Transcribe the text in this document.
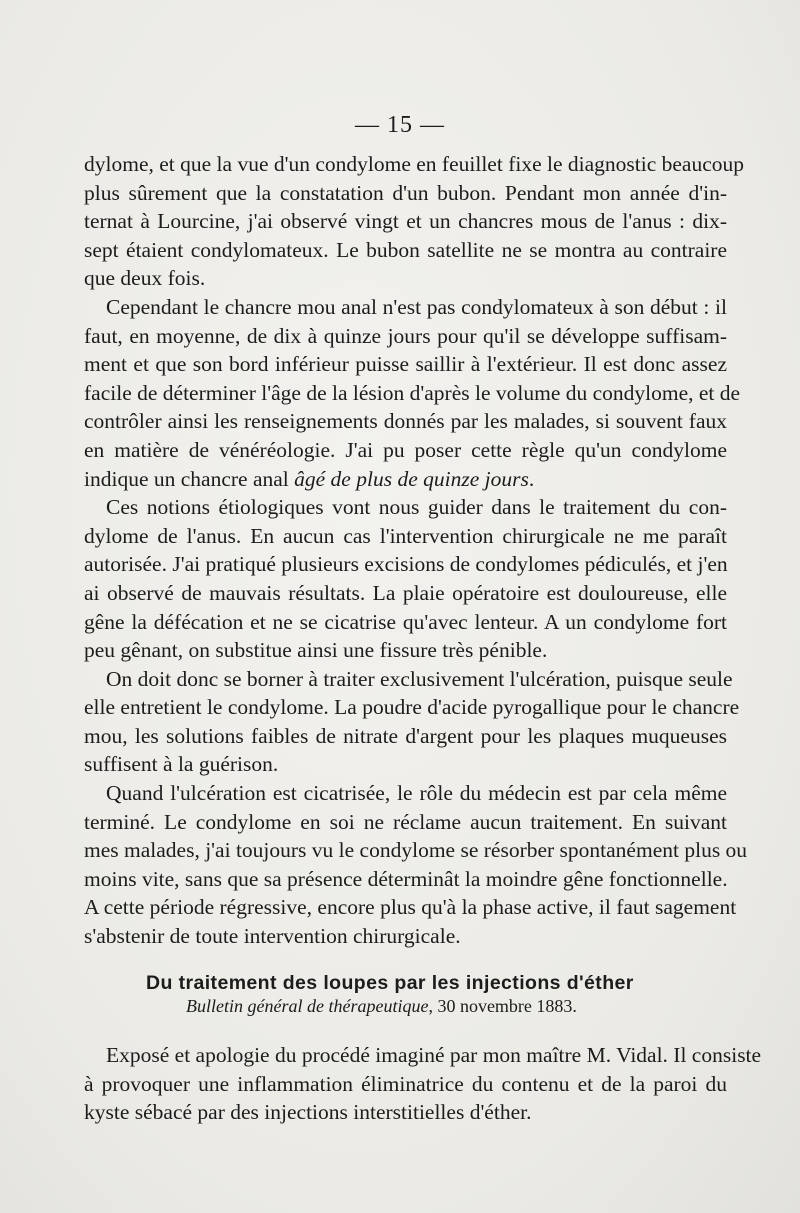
— 15 —

dylome, et que la vue d'un condylome en feuillet fixe le diagnostic beaucoup
plus sûrement que la constatation d'un bubon. Pendant mon année d'in-
ternat à Lourcine, j'ai observé vingt et un chancres mous de l'anus : dix-
sept étaient condylomateux. Le bubon satellite ne se montra au contraire
que deux fois.

Cependant le chancre mou anal n'est pas condylomateux à son début : il
faut, en moyenne, de dix à quinze jours pour qu'il se développe suffisam-
ment et que son bord inférieur puisse saillir à l'extérieur. Il est donc assez
facile de déterminer l'âge de la lésion d'après le volume du condylome, et de
contrôler ainsi les renseignements donnés par les malades, si souvent faux
en matière de vénéréologie. J'ai pu poser cette règle qu'un condylome
indique un chancre anal âgé de plus de quinze jours.

Ces notions étiologiques vont nous guider dans le traitement du con-
dylome de l'anus. En aucun cas l'intervention chirurgicale ne me paraît
autorisée. J'ai pratiqué plusieurs excisions de condylomes pédiculés, et j'en
ai observé de mauvais résultats. La plaie opératoire est douloureuse, elle
gêne la défécation et ne se cicatrise qu'avec lenteur. A un condylome fort
peu gênant, on substitue ainsi une fissure très pénible.

On doit donc se borner à traiter exclusivement l'ulcération, puisque seule
elle entretient le condylome. La poudre d'acide pyrogallique pour le chancre
mou, les solutions faibles de nitrate d'argent pour les plaques muqueuses
suffisent à la guérison.

Quand l'ulcération est cicatrisée, le rôle du médecin est par cela même
terminé. Le condylome en soi ne réclame aucun traitement. En suivant
mes malades, j'ai toujours vu le condylome se résorber spontanément plus ou
moins vite, sans que sa présence déterminât la moindre gêne fonctionnelle.
A cette période régressive, encore plus qu'à la phase active, il faut sagement
s'abstenir de toute intervention chirurgicale.

Du traitement des loupes par les injections d'éther
Bulletin général de thérapeutique, 30 novembre 1883.

Exposé et apologie du procédé imaginé par mon maître M. Vidal. Il consiste
à provoquer une inflammation éliminatrice du contenu et de la paroi du
kyste sébacé par des injections interstitielles d'éther.
